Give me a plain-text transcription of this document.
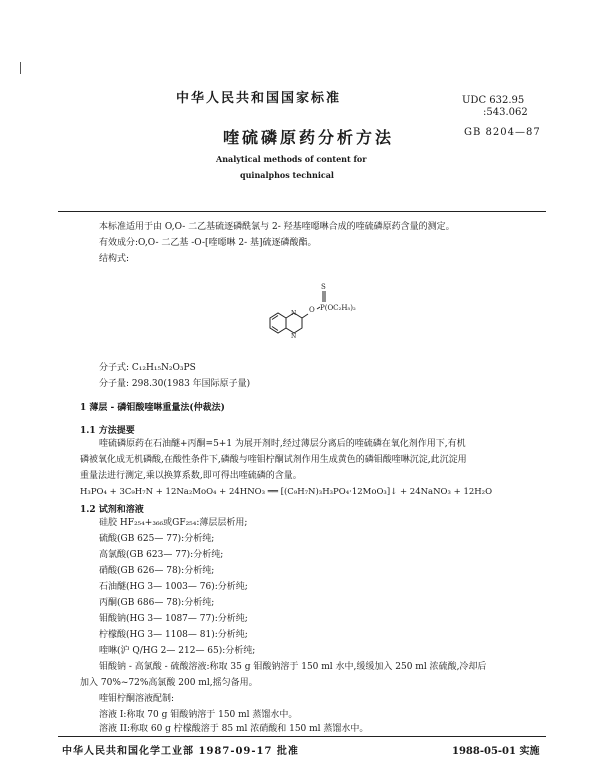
中华人民共和国国家标准	UDC 632.95
:543.062
GB 8204—87
喹硫磷原药分析方法
Analytical methods of content for
quinalphos technical
本标准适用于由 O,O- 二乙基硫逐磷酰氯与 2- 羟基喹噁啉合成的喹硫磷原药含量的测定。
有效成分:O,O- 二乙基 -O-[喹噁啉 2- 基]硫逐磷酸酯。
结构式:
S
O P(OC₂H₅)₂
N
N
分子式: C₁₂H₁₅N₂O₃PS
分子量: 298.30(1983 年国际原子量)
1 薄层 - 磷钼酸喹啉重量法(仲裁法)
1.1 方法提要
喹硫磷原药在石油醚+丙酮=5+1 为展开剂时,经过薄层分离后的喹硫磷在氧化剂作用下,有机
磷被氧化成无机磷酸,在酸性条件下,磷酸与喹钼柠酮试剂作用生成黄色的磷钼酸喹啉沉淀,此沉淀用
重量法进行测定,乘以换算系数,即可得出喹硫磷的含量。
H₃PO₄ + 3C₉H₇N + 12Na₂MoO₄ + 24HNO₃ ══ [(C₉H₇N)₃H₃PO₄·12MoO₃]↓ + 24NaNO₃ + 12H₂O
1.2 试剂和溶液
硅胶 HF₂₅₄+₃₆₆或GF₂₅₄:薄层层析用;
硫酸(GB 625— 77):分析纯;
高氯酸(GB 623— 77):分析纯;
硝酸(GB 626— 78):分析纯;
石油醚(HG 3— 1003— 76):分析纯;
丙酮(GB 686— 78):分析纯;
钼酸钠(HG 3— 1087— 77):分析纯;
柠檬酸(HG 3— 1108— 81):分析纯;
喹啉(沪 Q/HG 2— 212— 65):分析纯;
钼酸钠 - 高氯酸 - 硫酸溶液:称取 35 g 钼酸钠溶于 150 ml 水中,缓缓加入 250 ml 浓硫酸,冷却后
加入 70%~72%高氯酸 200 ml,摇匀备用。
喹钼柠酮溶液配制:
溶液 I:称取 70 g 钼酸钠溶于 150 ml 蒸馏水中。
溶液 II:称取 60 g 柠檬酸溶于 85 ml 浓硝酸和 150 ml 蒸馏水中。
中华人民共和国化学工业部 1987-09-17 批准	1988-05-01 实施
